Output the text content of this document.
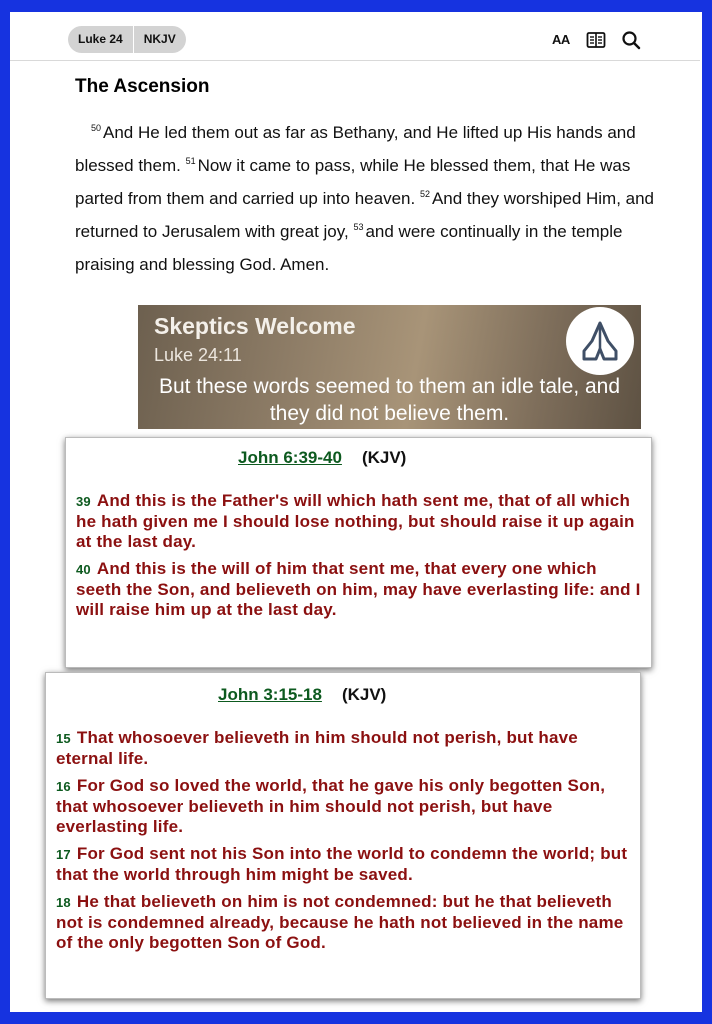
Luke 24	NKJV	AA
The Ascension
$^{50}$ And He led them out as far as Bethany, and He lifted up His hands and blessed them. $^{51}$ Now it came to pass, while He blessed them, that He was parted from them and carried up into heaven. $^{52}$ And they worshiped Him, and returned to Jerusalem with great joy, $^{53}$ and were continually in the temple praising and blessing God. Amen.
Skeptics Welcome
Luke 24:11
But these words seemed to them an idle tale, and they did not believe them.
John 6:39-40 (KJV)

39 And this is the Father's will which hath sent me, that of all which he hath given me I should lose nothing, but should raise it up again at the last day.

40 And this is the will of him that sent me, that every one which seeth the Son, and believeth on him, may have everlasting life: and I will raise him up at the last day.

John 3:15-18 (KJV)

15 That whosoever believeth in him should not perish, but have eternal life.

16 For God so loved the world, that he gave his only begotten Son, that whosoever believeth in him should not perish, but have everlasting life.

17 For God sent not his Son into the world to condemn the world; but that the world through him might be saved.

18 He that believeth on him is not condemned: but he that believeth not is condemned already, because he hath not believed in the name of the only begotten Son of God.
